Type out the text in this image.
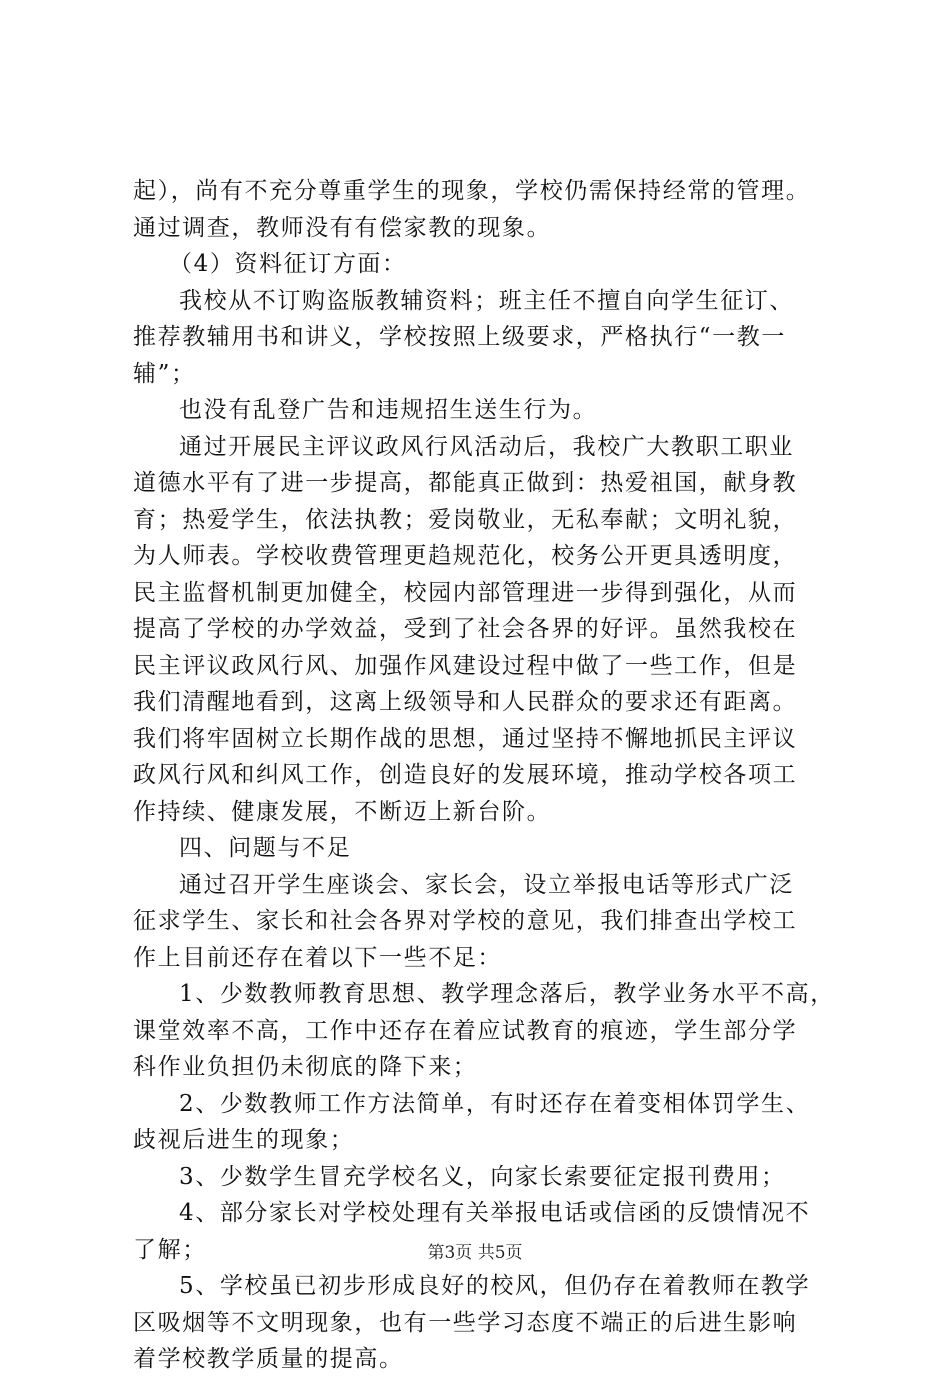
起），尚有不充分尊重学生的现象，学校仍需保持经常的管理。
通过调查，教师没有有偿家教的现象。
（4）资料征订方面：
我校从不订购盗版教辅资料；班主任不擅自向学生征订、
推荐教辅用书和讲义，学校按照上级要求，严格执行“一教一
辅”；
也没有乱登广告和违规招生送生行为。
通过开展民主评议政风行风活动后，我校广大教职工职业
道德水平有了进一步提高，都能真正做到：热爱祖国，献身教
育；热爱学生，依法执教；爱岗敬业，无私奉献；文明礼貌，
为人师表。学校收费管理更趋规范化，校务公开更具透明度，
民主监督机制更加健全，校园内部管理进一步得到强化，从而
提高了学校的办学效益，受到了社会各界的好评。虽然我校在
民主评议政风行风、加强作风建设过程中做了一些工作，但是
我们清醒地看到，这离上级领导和人民群众的要求还有距离。
我们将牢固树立长期作战的思想，通过坚持不懈地抓民主评议
政风行风和纠风工作，创造良好的发展环境，推动学校各项工
作持续、健康发展，不断迈上新台阶。
四、问题与不足
通过召开学生座谈会、家长会，设立举报电话等形式广泛
征求学生、家长和社会各界对学校的意见，我们排查出学校工
作上目前还存在着以下一些不足：
1、少数教师教育思想、教学理念落后，教学业务水平不高，
课堂效率不高，工作中还存在着应试教育的痕迹，学生部分学
科作业负担仍未彻底的降下来；
2、少数教师工作方法简单，有时还存在着变相体罚学生、
歧视后进生的现象；
3、少数学生冒充学校名义，向家长索要征定报刊费用；
4、部分家长对学校处理有关举报电话或信函的反馈情况不
了解；
5、学校虽已初步形成良好的校风，但仍存在着教师在教学
区吸烟等不文明现象，也有一些学习态度不端正的后进生影响
着学校教学质量的提高。
第3页 共5页
